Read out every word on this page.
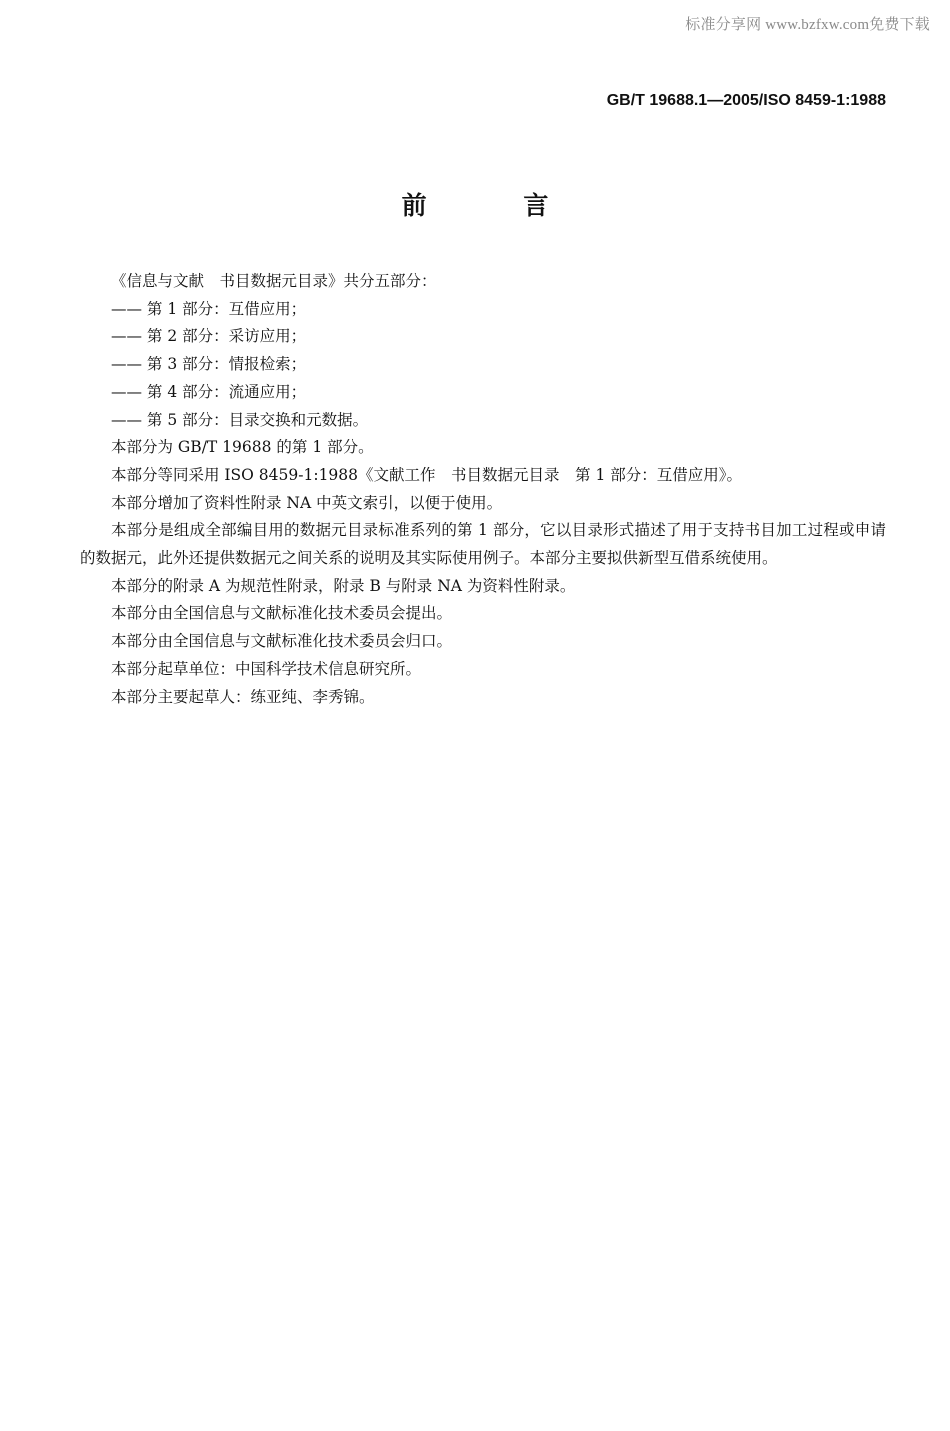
标准分享网 www.bzfxw.com免费下载
GB/T 19688.1—2005/ISO 8459-1:1988
前 言
《信息与文献　书目数据元目录》共分五部分：
—— 第 1 部分：互借应用；
—— 第 2 部分：采访应用；
—— 第 3 部分：情报检索；
—— 第 4 部分：流通应用；
—— 第 5 部分：目录交换和元数据。
本部分为 GB/T 19688 的第 1 部分。
本部分等同采用 ISO 8459-1:1988《文献工作　书目数据元目录　第 1 部分：互借应用》。
本部分增加了资料性附录 NA 中英文索引，以便于使用。
本部分是组成全部编目用的数据元目录标准系列的第 1 部分，它以目录形式描述了用于支持书目加工过程或申请的数据元，此外还提供数据元之间关系的说明及其实际使用例子。本部分主要拟供新型互借系统使用。
本部分的附录 A 为规范性附录，附录 B 与附录 NA 为资料性附录。
本部分由全国信息与文献标准化技术委员会提出。
本部分由全国信息与文献标准化技术委员会归口。
本部分起草单位：中国科学技术信息研究所。
本部分主要起草人：练亚纯、李秀锦。
